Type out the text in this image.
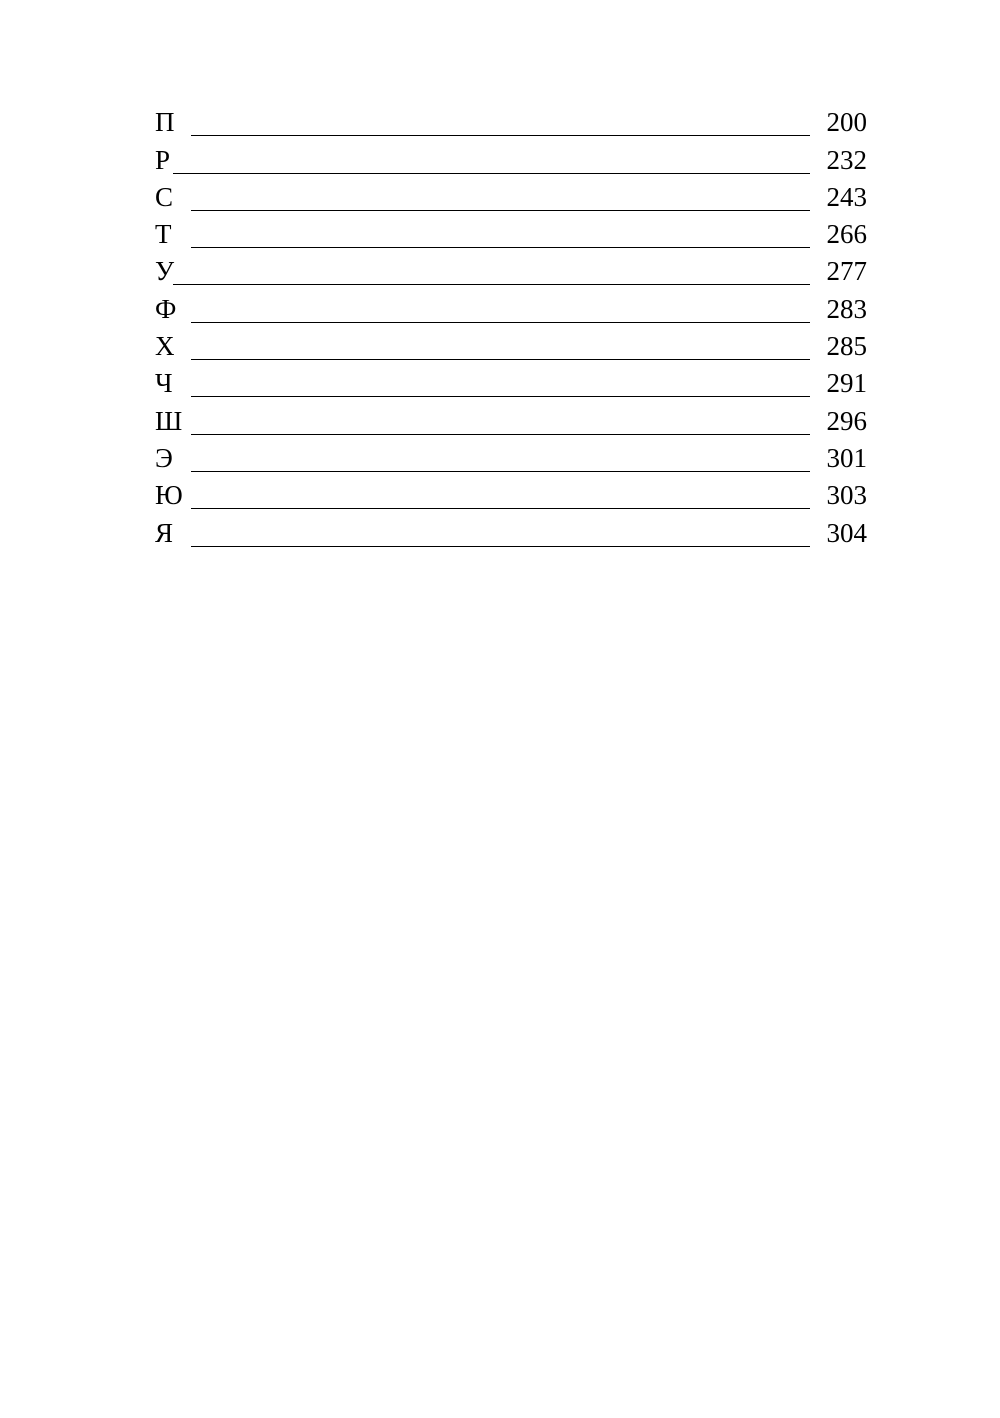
П	200
Р	232
С	243
Т	266
У	277
Ф	283
Х	285
Ч	291
Ш	296
Э	301
Ю	303
Я	304
